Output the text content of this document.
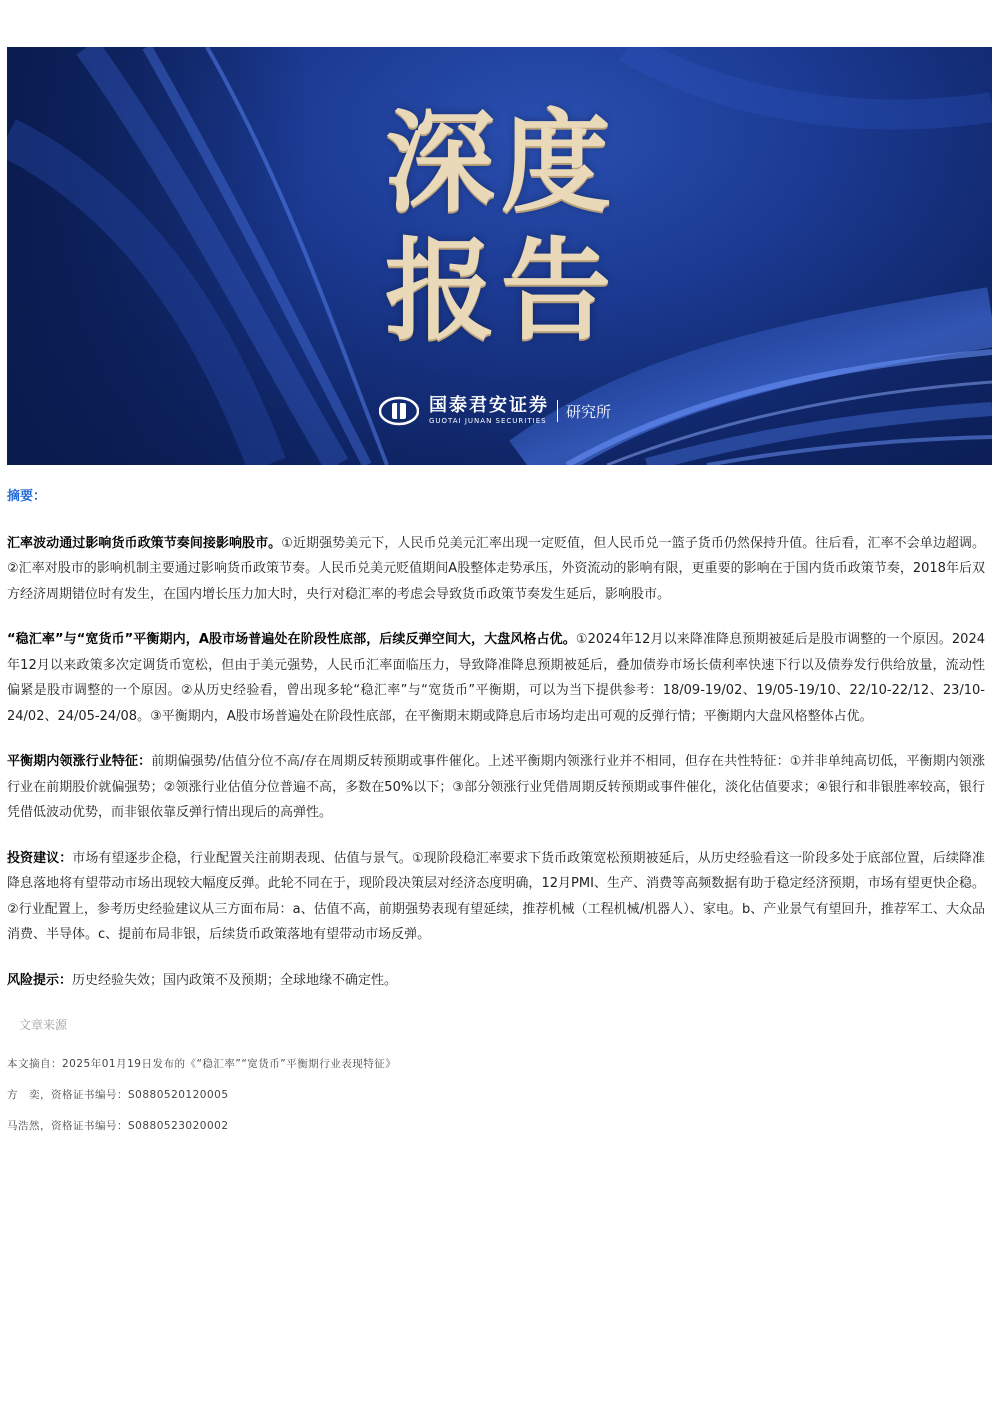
深度
报告
国泰君安证券
GUOTAI JUNAN SECURITIES
研究所
摘要：

汇率波动通过影响货币政策节奏间接影响股市。①近期强势美元下，人民币兑美元汇率出现一定贬值，但人民币兑一篮子货币仍然保持升值。往后看，汇率不会单边超调。②汇率对股市的影响机制主要通过影响货币政策节奏。人民币兑美元贬值期间A股整体走势承压，外资流动的影响有限，更重要的影响在于国内货币政策节奏，2018年后双方经济周期错位时有发生，在国内增长压力加大时，央行对稳汇率的考虑会导致货币政策节奏发生延后，影响股市。

“稳汇率”与“宽货币”平衡期内，A股市场普遍处在阶段性底部，后续反弹空间大，大盘风格占优。①2024年12月以来降准降息预期被延后是股市调整的一个原因。2024年12月以来政策多次定调货币宽松，但由于美元强势，人民币汇率面临压力，导致降准降息预期被延后，叠加债券市场长债利率快速下行以及债券发行供给放量，流动性偏紧是股市调整的一个原因。②从历史经验看，曾出现多轮“稳汇率”与“宽货币”平衡期，可以为当下提供参考：18/09-19/02、19/05-19/10、22/10-22/12、23/10-24/02、24/05-24/08。③平衡期内，A股市场普遍处在阶段性底部，在平衡期末期或降息后市场均走出可观的反弹行情；平衡期内大盘风格整体占优。

平衡期内领涨行业特征：前期偏强势/估值分位不高/存在周期反转预期或事件催化。上述平衡期内领涨行业并不相同，但存在共性特征：①并非单纯高切低，平衡期内领涨行业在前期股价就偏强势；②领涨行业估值分位普遍不高，多数在50%以下；③部分领涨行业凭借周期反转预期或事件催化，淡化估值要求；④银行和非银胜率较高，银行凭借低波动优势，而非银依靠反弹行情出现后的高弹性。

投资建议：市场有望逐步企稳，行业配置关注前期表现、估值与景气。①现阶段稳汇率要求下货币政策宽松预期被延后，从历史经验看这一阶段多处于底部位置，后续降准降息落地将有望带动市场出现较大幅度反弹。此轮不同在于，现阶段决策层对经济态度明确，12月PMI、生产、消费等高频数据有助于稳定经济预期，市场有望更快企稳。②行业配置上，参考历史经验建议从三方面布局：a、估值不高，前期强势表现有望延续，推荐机械（工程机械/机器人）、家电。b、产业景气有望回升，推荐军工、大众品消费、半导体。c、提前布局非银，后续货币政策落地有望带动市场反弹。

风险提示：历史经验失效；国内政策不及预期；全球地缘不确定性。

文章来源
本文摘自：2025年01月19日发布的《“稳汇率”“宽货币”平衡期行业表现特征》
方　奕，资格证书编号：S0880520120005
马浩然，资格证书编号：S0880523020002
